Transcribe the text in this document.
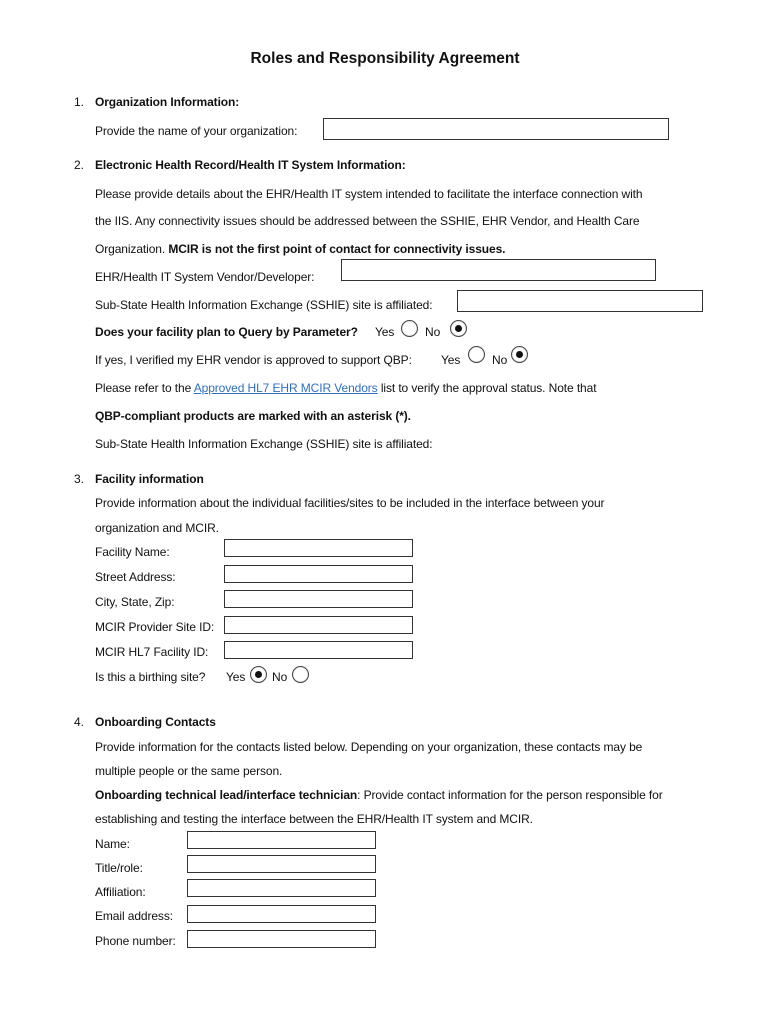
Roles and Responsibility Agreement
1. Organization Information:
Provide the name of your organization:
2. Electronic Health Record/Health IT System Information:
Please provide details about the EHR/Health IT system intended to facilitate the interface connection with
the IIS. Any connectivity issues should be addressed between the SSHIE, EHR Vendor, and Health Care
Organization. MCIR is not the first point of contact for connectivity issues.
EHR/Health IT System Vendor/Developer:
Sub-State Health Information Exchange (SSHIE) site is affiliated:
Does your facility plan to Query by Parameter? Yes	No
If yes, I verified my EHR vendor is approved to support QBP: Yes	No
Please refer to the Approved HL7 EHR MCIR Vendors list to verify the approval status. Note that
QBP-compliant products are marked with an asterisk (*).
Sub-State Health Information Exchange (SSHIE) site is affiliated:
3. Facility information
Provide information about the individual facilities/sites to be included in the interface between your
organization and MCIR.
Facility Name:
Street Address:
City, State, Zip:
MCIR Provider Site ID:
MCIR HL7 Facility ID:
Is this a birthing site? Yes No
4. Onboarding Contacts
Provide information for the contacts listed below. Depending on your organization, these contacts may be
multiple people or the same person.
Onboarding technical lead/interface technician: Provide contact information for the person responsible for
establishing and testing the interface between the EHR/Health IT system and MCIR.
Name:
Title/role:
Affiliation:
Email address:
Phone number:
